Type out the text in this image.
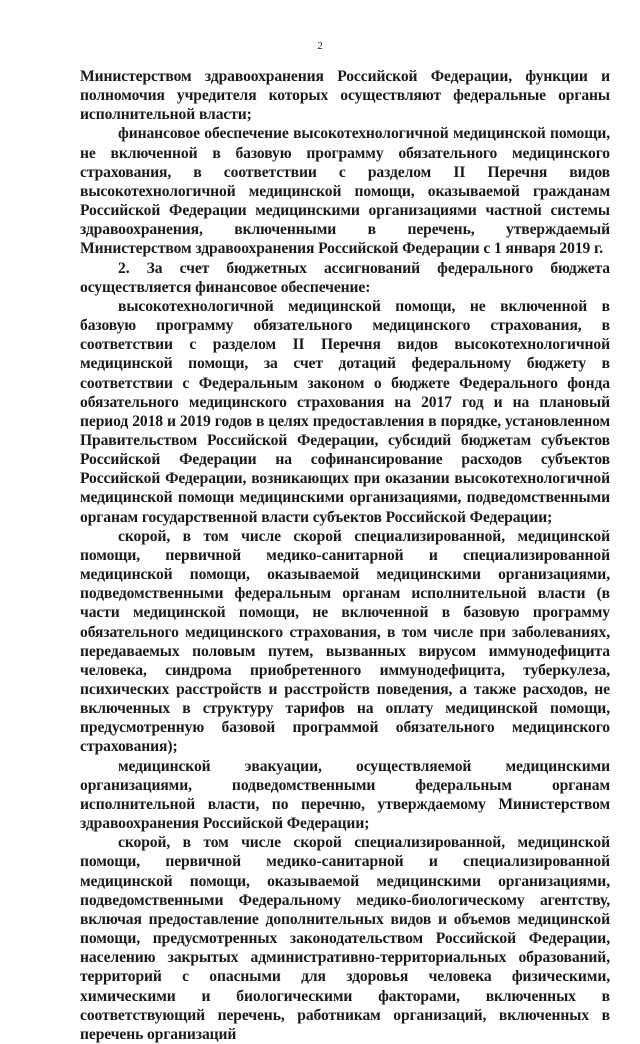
2

Министерством здравоохранения Российской Федерации, функции и полномочия учредителя которых осуществляют федеральные органы исполнительной власти;

финансовое обеспечение высокотехнологичной медицинской помощи, не включенной в базовую программу обязательного медицинского страхования, в соответствии с разделом II Перечня видов высокотехнологичной медицинской помощи, оказываемой гражданам Российской Федерации медицинскими организациями частной системы здравоохранения, включенными в перечень, утверждаемый Министерством здравоохранения Российской Федерации с 1 января 2019 г.

2. За счет бюджетных ассигнований федерального бюджета осуществляется финансовое обеспечение:

высокотехнологичной медицинской помощи, не включенной в базовую программу обязательного медицинского страхования, в соответствии с разделом II Перечня видов высокотехнологичной медицинской помощи, за счет дотаций федеральному бюджету в соответствии с Федеральным законом о бюджете Федерального фонда обязательного медицинского страхования на 2017 год и на плановый период 2018 и 2019 годов в целях предоставления в порядке, установленном Правительством Российской Федерации, субсидий бюджетам субъектов Российской Федерации на софинансирование расходов субъектов Российской Федерации, возникающих при оказании высокотехнологичной медицинской помощи медицинскими организациями, подведомственными органам государственной власти субъектов Российской Федерации;

скорой, в том числе скорой специализированной, медицинской помощи, первичной медико-санитарной и специализированной медицинской помощи, оказываемой медицинскими организациями, подведомственными федеральным органам исполнительной власти (в части медицинской помощи, не включенной в базовую программу обязательного медицинского страхования, в том числе при заболеваниях, передаваемых половым путем, вызванных вирусом иммунодефицита человека, синдрома приобретенного иммунодефицита, туберкулеза, психических расстройств и расстройств поведения, а также расходов, не включенных в структуру тарифов на оплату медицинской помощи, предусмотренную базовой программой обязательного медицинского страхования);

медицинской эвакуации, осуществляемой медицинскими организациями, подведомственными федеральным органам исполнительной власти, по перечню, утверждаемому Министерством здравоохранения Российской Федерации;

скорой, в том числе скорой специализированной, медицинской помощи, первичной медико-санитарной и специализированной медицинской помощи, оказываемой медицинскими организациями, подведомственными Федеральному медико-биологическому агентству, включая предоставление дополнительных видов и объемов медицинской помощи, предусмотренных законодательством Российской Федерации, населению закрытых административно-территориальных образований, территорий с опасными для здоровья человека физическими, химическими и биологическими факторами, включенных в соответствующий перечень, работникам организаций, включенных в перечень организаций
